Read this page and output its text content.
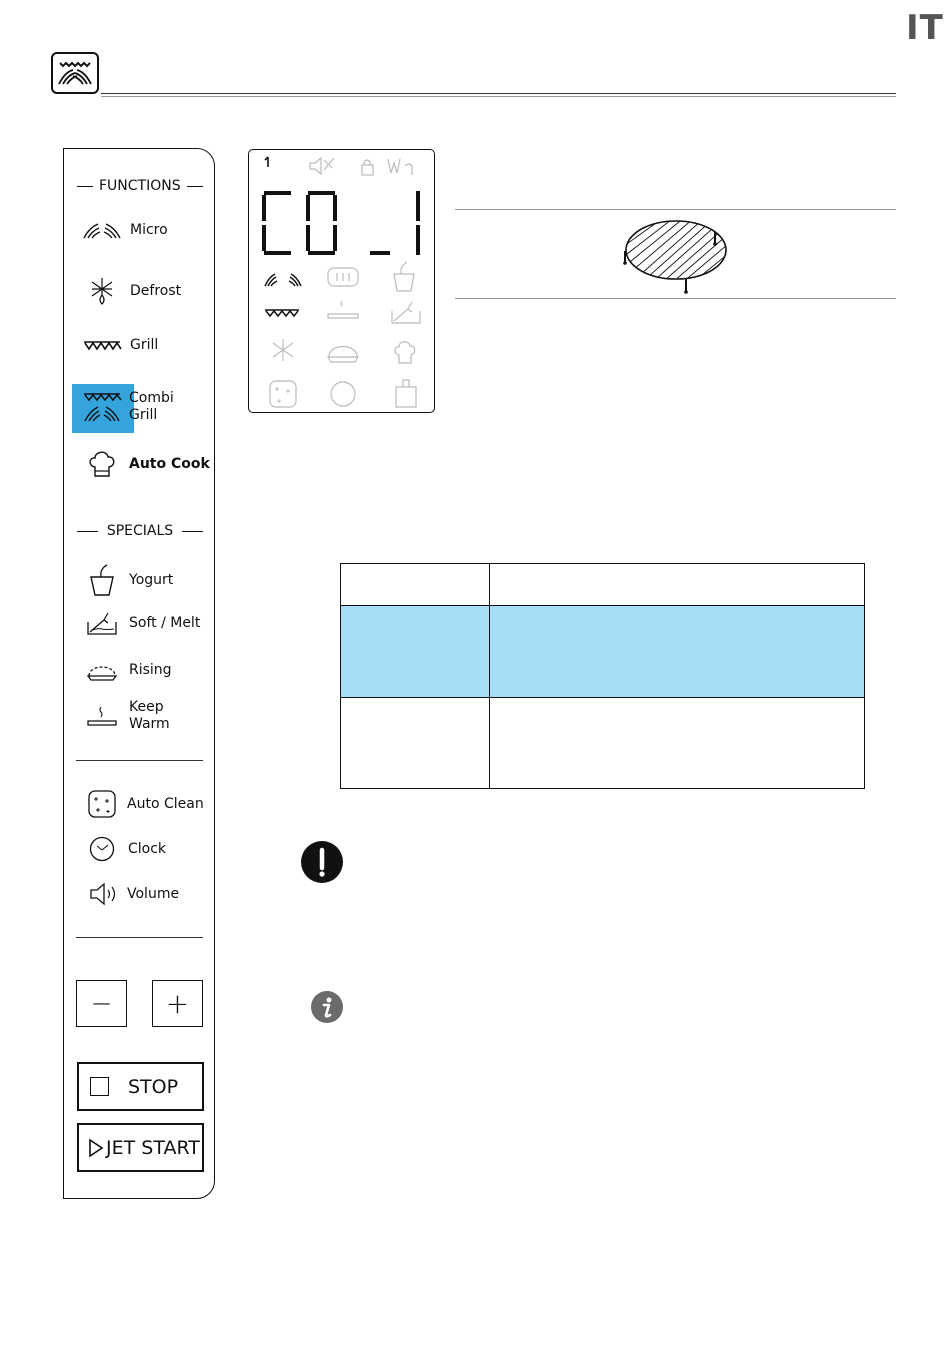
IT
FUNCTIONS
Micro
Defrost
Grill
Combi
Grill
Auto Cook
SPECIALS
Yogurt
Soft / Melt
Rising
Keep
Warm
Auto Clean
Clock
Volume
− +
STOP
JET START
